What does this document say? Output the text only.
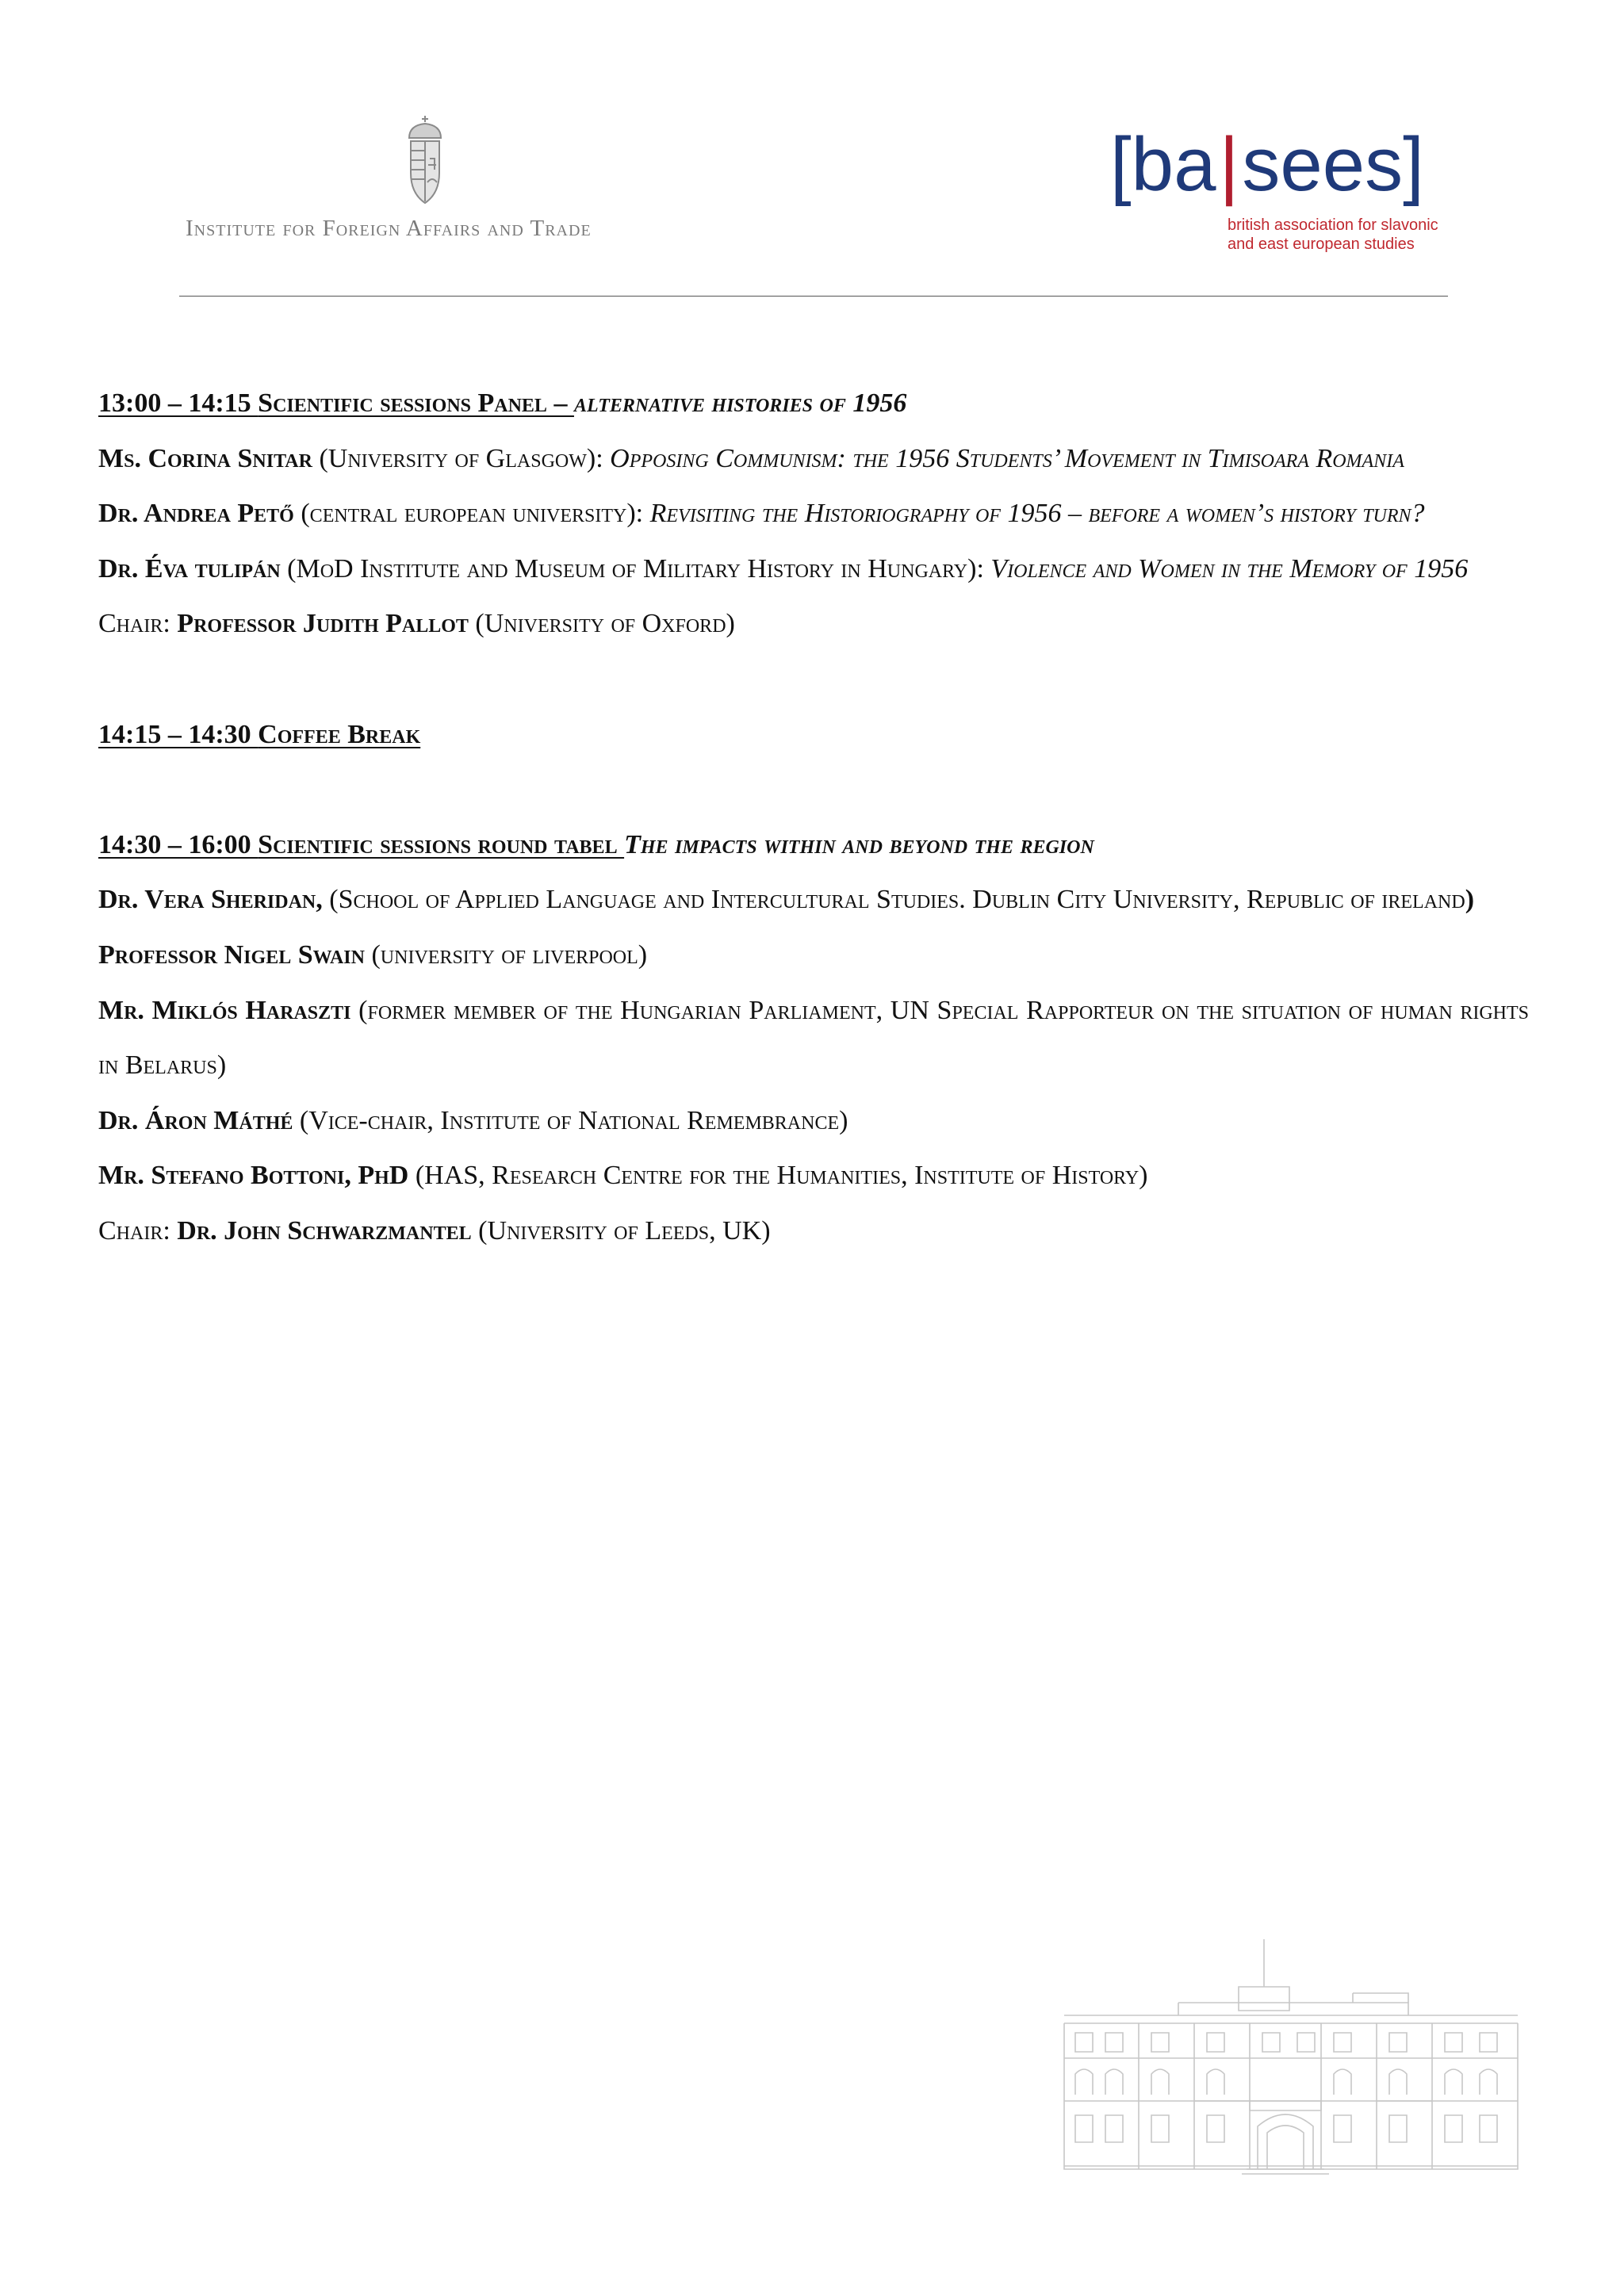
Institute for Foreign Affairs and Trade
[ ba | sees ]
british association for slavonic
and east european studies

13:00 – 14:15 Scientific sessions Panel – alternative histories of 1956

Ms. Corina Snitar (University of Glasgow): Opposing Communism: the 1956 Students’ Movement in Timisoara Romania

Dr. Andrea Pető (central european university): Revisiting the Historiography of 1956 – before a women’s history turn?

Dr. Éva tulipán (MoD Institute and Museum of Military History in Hungary): Violence and Women in the Memory of 1956

Chair: Professor Judith Pallot (University of Oxford)

14:15 – 14:30 Coffee Break

14:30 – 16:00 Scientific sessions round tabel The impacts within and beyond the region

Dr. Vera Sheridan, (School of Applied Language and Intercultural Studies. Dublin City University, Republic of ireland)

Professor Nigel Swain (university of liverpool)

Mr. Miklós Haraszti (former member of the Hungarian Parliament, UN Special Rapporteur on the situation of human rights in Belarus)

Dr. Áron Máthé (Vice-chair, Institute of National Remembrance)

Mr. Stefano Bottoni, PhD (HAS, Research Centre for the Humanities, Institute of History)

Chair: Dr. John Schwarzmantel (University of Leeds, UK)
